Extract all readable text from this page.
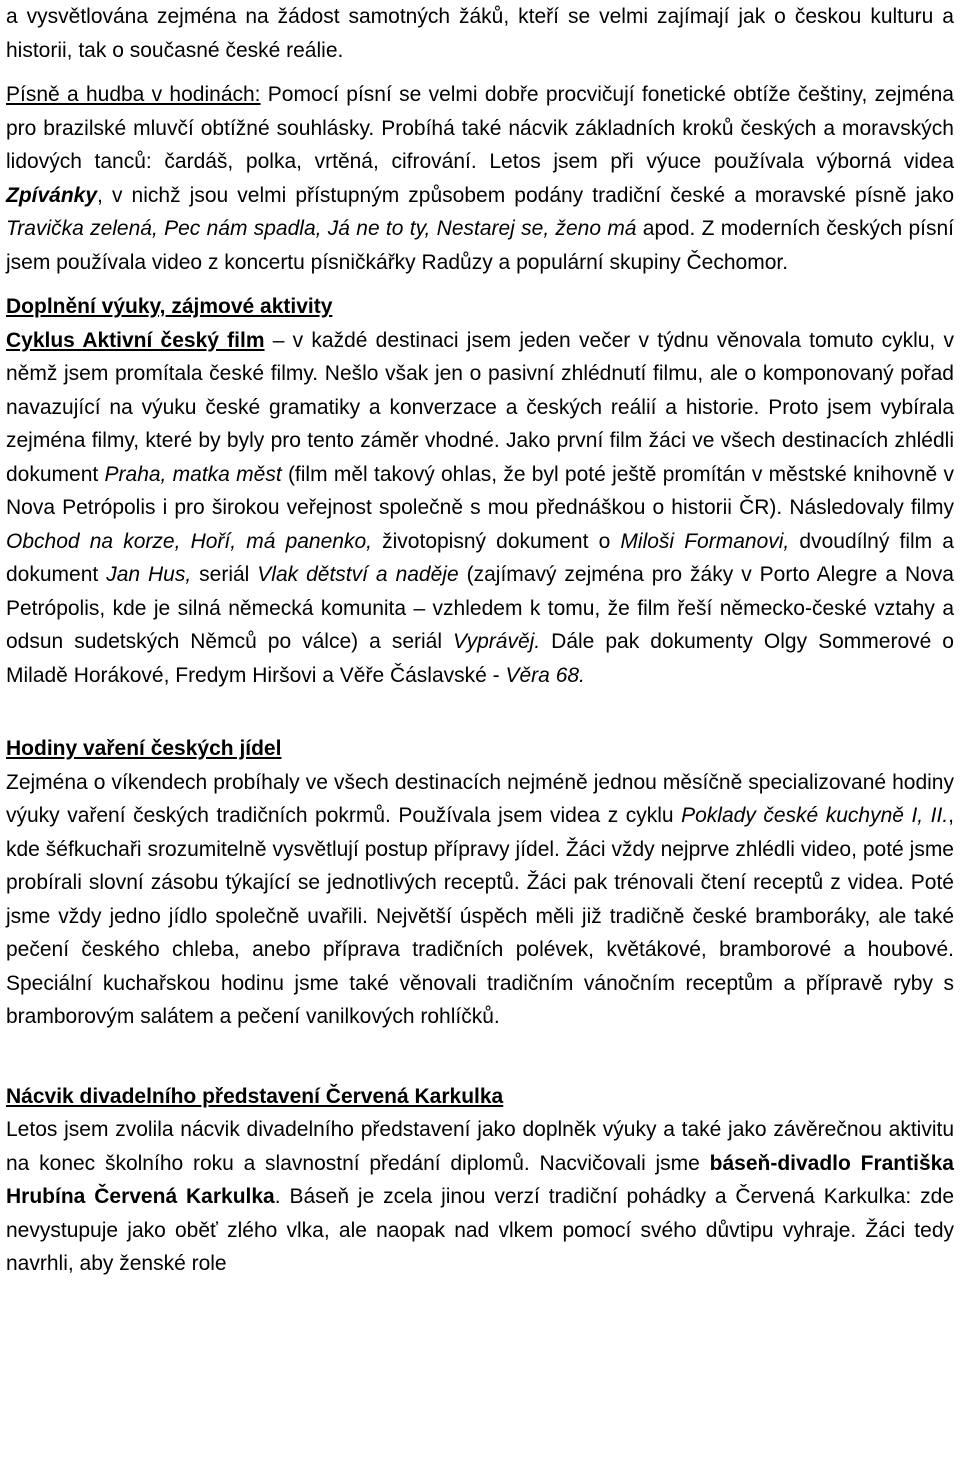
a vysvětlována zejména na žádost samotných žáků, kteří se velmi zajímají jak o českou kulturu a historii, tak o současné české reálie.

Písně a hudba v hodinách: Pomocí písní se velmi dobře procvičují fonetické obtíže češtiny, zejména pro brazilské mluvčí obtížné souhlásky. Probíhá také nácvik základních kroků českých a moravských lidových tanců: čardáš, polka, vrtěná, cifrování. Letos jsem při výuce používala výborná videa Zpívánky, v nichž jsou velmi přístupným způsobem podány tradiční české a moravské písně jako Travička zelená, Pec nám spadla, Já ne to ty, Nestarej se, ženo má apod. Z moderních českých písní jsem používala video z koncertu písničkářky Radůzy a populární skupiny Čechomor.

Doplnění výuky, zájmové aktivity

Cyklus Aktivní český film – v každé destinaci jsem jeden večer v týdnu věnovala tomuto cyklu, v němž jsem promítala české filmy. Nešlo však jen o pasivní zhlédnutí filmu, ale o komponovaný pořad navazující na výuku české gramatiky a konverzace a českých reálií a historie. Proto jsem vybírala zejména filmy, které by byly pro tento záměr vhodné. Jako první film žáci ve všech destinacích zhlédli dokument Praha, matka měst (film měl takový ohlas, že byl poté ještě promítán v městské knihovně v Nova Petrópolis i pro širokou veřejnost společně s mou přednáškou o historii ČR). Následovaly filmy Obchod na korze, Hoří, má panenko, životopisný dokument o Miloši Formanovi, dvoudílný film a dokument Jan Hus, seriál Vlak dětství a naděje (zajímavý zejména pro žáky v Porto Alegre a Nova Petrópolis, kde je silná německá komunita – vzhledem k tomu, že film řeší německo-české vztahy a odsun sudetských Němců po válce) a seriál Vyprávěj. Dále pak dokumenty Olgy Sommerové o Miladě Horákové, Fredym Hiršovi a Věře Čáslavské - Věra 68.

Hodiny vaření českých jídel

Zejména o víkendech probíhaly ve všech destinacích nejméně jednou měsíčně specializované hodiny výuky vaření českých tradičních pokrmů. Používala jsem videa z cyklu Poklady české kuchyně I, II., kde šéfkuchaři srozumitelně vysvětlují postup přípravy jídel. Žáci vždy nejprve zhlédli video, poté jsme probírali slovní zásobu týkající se jednotlivých receptů. Žáci pak trénovali čtení receptů z videa. Poté jsme vždy jedno jídlo společně uvařili. Největší úspěch měli již tradičně české bramboráky, ale také pečení českého chleba, anebo příprava tradičních polévek, květákové, bramborové a houbové. Speciální kuchařskou hodinu jsme také věnovali tradičním vánočním receptům a přípravě ryby s bramborovým salátem a pečení vanilkových rohlíčků.

Nácvik divadelního představení Červená Karkulka

Letos jsem zvolila nácvik divadelního představení jako doplněk výuky a také jako závěrečnou aktivitu na konec školního roku a slavnostní předání diplomů. Nacvičovali jsme báseň-divadlo Františka Hrubína Červená Karkulka. Báseň je zcela jinou verzí tradiční pohádky a Červená Karkulka: zde nevystupuje jako oběť zlého vlka, ale naopak nad vlkem pomocí svého důvtipu vyhraje. Žáci tedy navrhli, aby ženské role
